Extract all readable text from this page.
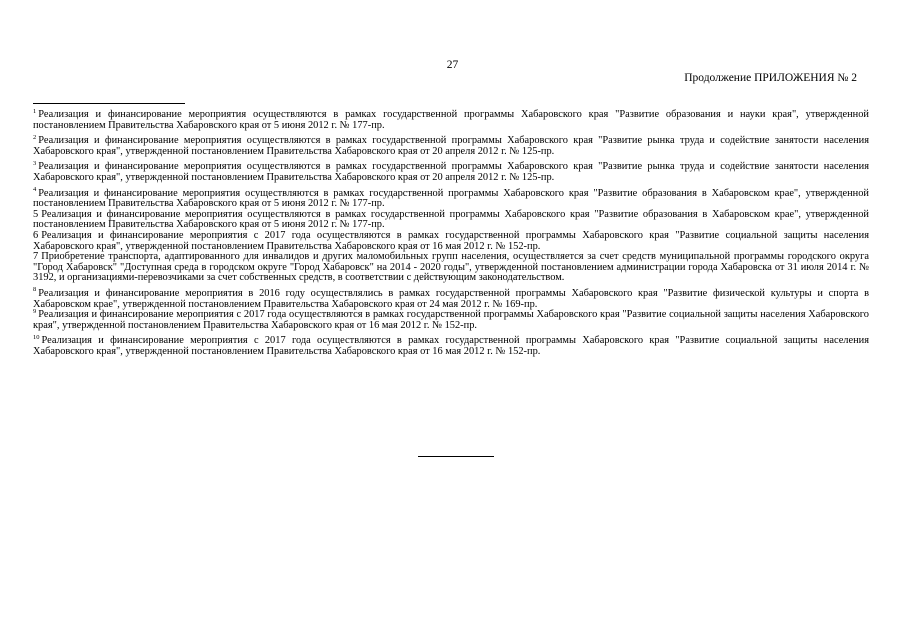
27
Продолжение ПРИЛОЖЕНИЯ № 2

$^1$ Реализация и финансирование мероприятия осуществляются в рамках государственной программы Хабаровского края "Развитие образования и науки края", утвержденной постановлением Правительства Хабаровского края от 5 июня 2012 г. № 177-пр.

$^2$ Реализация и финансирование мероприятия осуществляются в рамках государственной программы Хабаровского края "Развитие рынка труда и содействие занятости населения Хабаровского края", утвержденной постановлением Правительства Хабаровского края от 20 апреля 2012 г. № 125-пр.

$^3$ Реализация и финансирование мероприятия осуществляются в рамках государственной программы Хабаровского края "Развитие рынка труда и содействие занятости населения Хабаровского края", утвержденной постановлением Правительства Хабаровского края от 20 апреля 2012 г. № 125-пр.

$^4$ Реализация и финансирование мероприятия осуществляются в рамках государственной программы Хабаровского края "Развитие образования в Хабаровском крае", утвержденной постановлением Правительства Хабаровского края от 5 июня 2012 г. № 177-пр.

5 Реализация и финансирование мероприятия осуществляются в рамках государственной программы Хабаровского края "Развитие образования в Хабаровском крае", утвержденной постановлением Правительства Хабаровского края от 5 июня 2012 г. № 177-пр.

6 Реализация и финансирование мероприятия с 2017 года осуществляются в рамках государственной программы Хабаровского края "Развитие социальной защиты населения Хабаровского края", утвержденной постановлением Правительства Хабаровского края от 16 мая 2012 г. № 152-пр.

7 Приобретение транспорта, адаптированного для инвалидов и других маломобильных групп населения, осуществляется за счет средств муниципальной программы городского округа "Город Хабаровск" "Доступная среда в городском округе "Город Хабаровск" на 2014 - 2020 годы", утвержденной постановлением администрации города Хабаровска от 31 июля 2014 г. № 3192, и организациями-перевозчиками за счет собственных средств, в соответствии с действующим законодательством.

$^8$ Реализация и финансирование мероприятия в 2016 году осуществлялись в рамках государственной программы Хабаровского края "Развитие физической культуры и спорта в Хабаровском крае", утвержденной постановлением Правительства Хабаровского края от 24 мая 2012 г. № 169-пр.

$^9$ Реализация и финансирование мероприятия с 2017 года осуществляются в рамках государственной программы Хабаровского края "Развитие социальной защиты населения Хабаровского края", утвержденной постановлением Правительства Хабаровского края от 16 мая 2012 г. № 152-пр.

$^{10}$ Реализация и финансирование мероприятия с 2017 года осуществляются в рамках государственной программы Хабаровского края "Развитие социальной защиты населения Хабаровского края", утвержденной постановлением Правительства Хабаровского края от 16 мая 2012 г. № 152-пр.
